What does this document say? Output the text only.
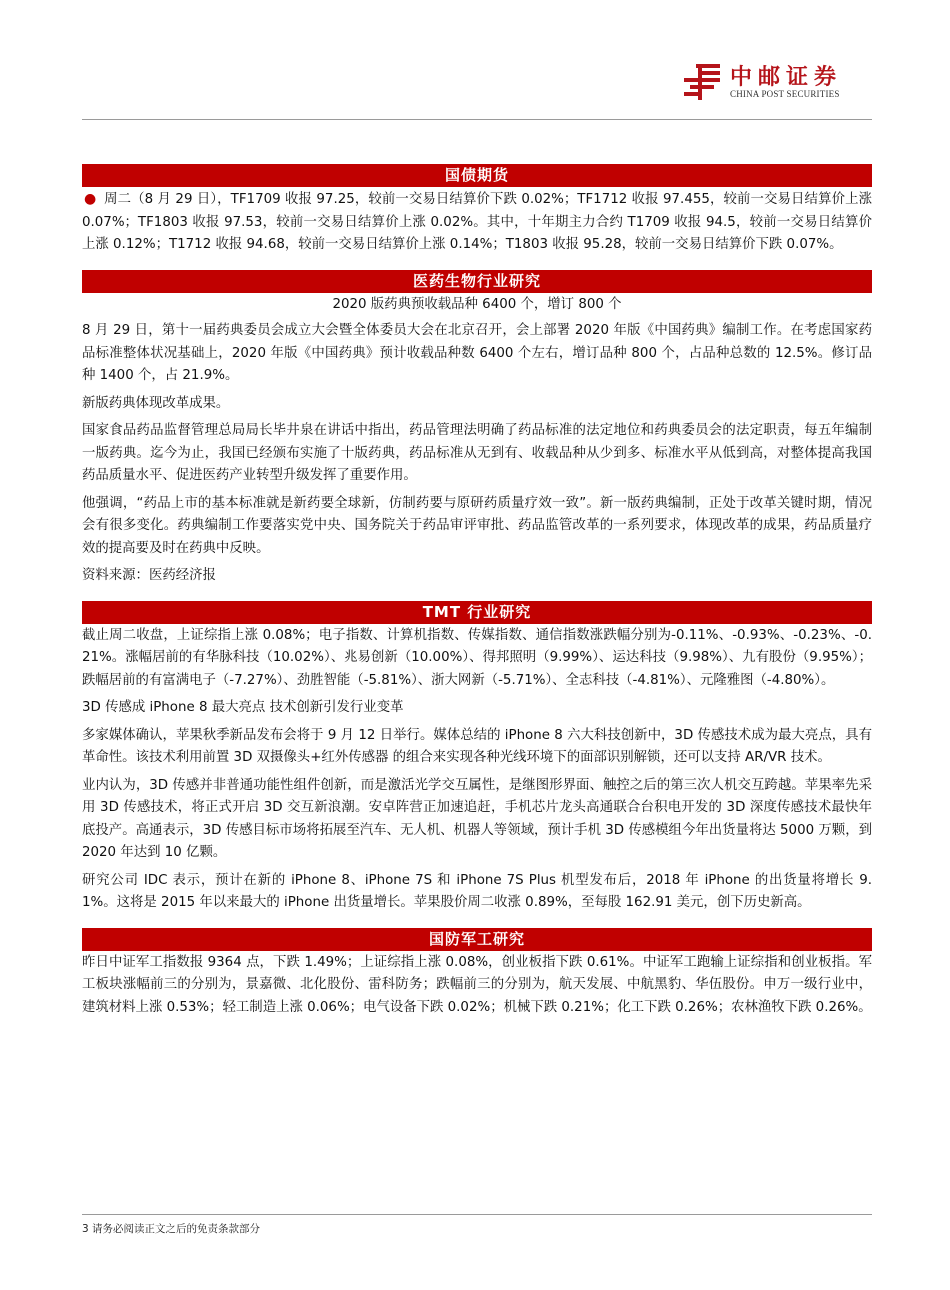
中邮证券
CHINA POST SECURITIES
国债期货

● 周二（8 月 29 日），TF1709 收报 97.25，较前一交易日结算价下跌 0.02%；TF1712 收报 97.455，较前一交易日结算价上涨 0.07%；TF1803 收报 97.53，较前一交易日结算价上涨 0.02%。其中，十年期主力合约 T1709 收报 94.5，较前一交易日结算价上涨 0.12%；T1712 收报 94.68，较前一交易日结算价上涨 0.14%；T1803 收报 95.28，较前一交易日结算价下跌 0.07%。

医药生物行业研究

2020 版药典预收载品种 6400 个，增订 800 个

8 月 29 日，第十一届药典委员会成立大会暨全体委员大会在北京召开，会上部署 2020 年版《中国药典》编制工作。在考虑国家药品标准整体状况基础上，2020 年版《中国药典》预计收载品种数 6400 个左右，增订品种 800 个，占品种总数的 12.5%。修订品种 1400 个，占 21.9%。

新版药典体现改革成果。

国家食品药品监督管理总局局长毕井泉在讲话中指出，药品管理法明确了药品标准的法定地位和药典委员会的法定职责，每五年编制一版药典。迄今为止，我国已经颁布实施了十版药典，药品标准从无到有、收载品种从少到多、标准水平从低到高，对整体提高我国药品质量水平、促进医药产业转型升级发挥了重要作用。

他强调，“药品上市的基本标准就是新药要全球新，仿制药要与原研药质量疗效一致”。新一版药典编制，正处于改革关键时期，情况会有很多变化。药典编制工作要落实党中央、国务院关于药品审评审批、药品监管改革的一系列要求，体现改革的成果，药品质量疗效的提高要及时在药典中反映。

资料来源：医药经济报

TMT 行业研究

截止周二收盘，上证综指上涨 0.08%；电子指数、计算机指数、传媒指数、通信指数涨跌幅分别为-0.11%、-0.93%、-0.23%、-0.21%。涨幅居前的有华脉科技（10.02%）、兆易创新（10.00%）、得邦照明（9.99%）、运达科技（9.98%）、九有股份（9.95%）；跌幅居前的有富满电子（-7.27%）、劲胜智能（-5.81%）、浙大网新（-5.71%）、全志科技（-4.81%）、元隆雅图（-4.80%）。

3D 传感成 iPhone 8 最大亮点 技术创新引发行业变革

多家媒体确认，苹果秋季新品发布会将于 9 月 12 日举行。媒体总结的 iPhone 8 六大科技创新中，3D 传感技术成为最大亮点，具有革命性。该技术利用前置 3D 双摄像头+红外传感器 的组合来实现各种光线环境下的面部识别解锁，还可以支持 AR/VR 技术。

业内认为，3D 传感并非普通功能性组件创新，而是激活光学交互属性，是继图形界面、触控之后的第三次人机交互跨越。苹果率先采用 3D 传感技术，将正式开启 3D 交互新浪潮。安卓阵营正加速追赶，手机芯片龙头高通联合台积电开发的 3D 深度传感技术最快年底投产。高通表示，3D 传感目标市场将拓展至汽车、无人机、机器人等领域，预计手机 3D 传感模组今年出货量将达 5000 万颗，到 2020 年达到 10 亿颗。

研究公司 IDC 表示，预计在新的 iPhone 8、iPhone 7S 和 iPhone 7S Plus 机型发布后，2018 年 iPhone 的出货量将增长 9.1%。这将是 2015 年以来最大的 iPhone 出货量增长。苹果股价周二收涨 0.89%，至每股 162.91 美元，创下历史新高。

国防军工研究

昨日中证军工指数报 9364 点，下跌 1.49%；上证综指上涨 0.08%，创业板指下跌 0.61%。中证军工跑输上证综指和创业板指。军工板块涨幅前三的分别为，景嘉微、北化股份、雷科防务；跌幅前三的分别为，航天发展、中航黑豹、华伍股份。申万一级行业中，建筑材料上涨 0.53%；轻工制造上涨 0.06%；电气设备下跌 0.02%；机械下跌 0.21%；化工下跌 0.26%；农林渔牧下跌 0.26%。

3 请务必阅读正文之后的免责条款部分
